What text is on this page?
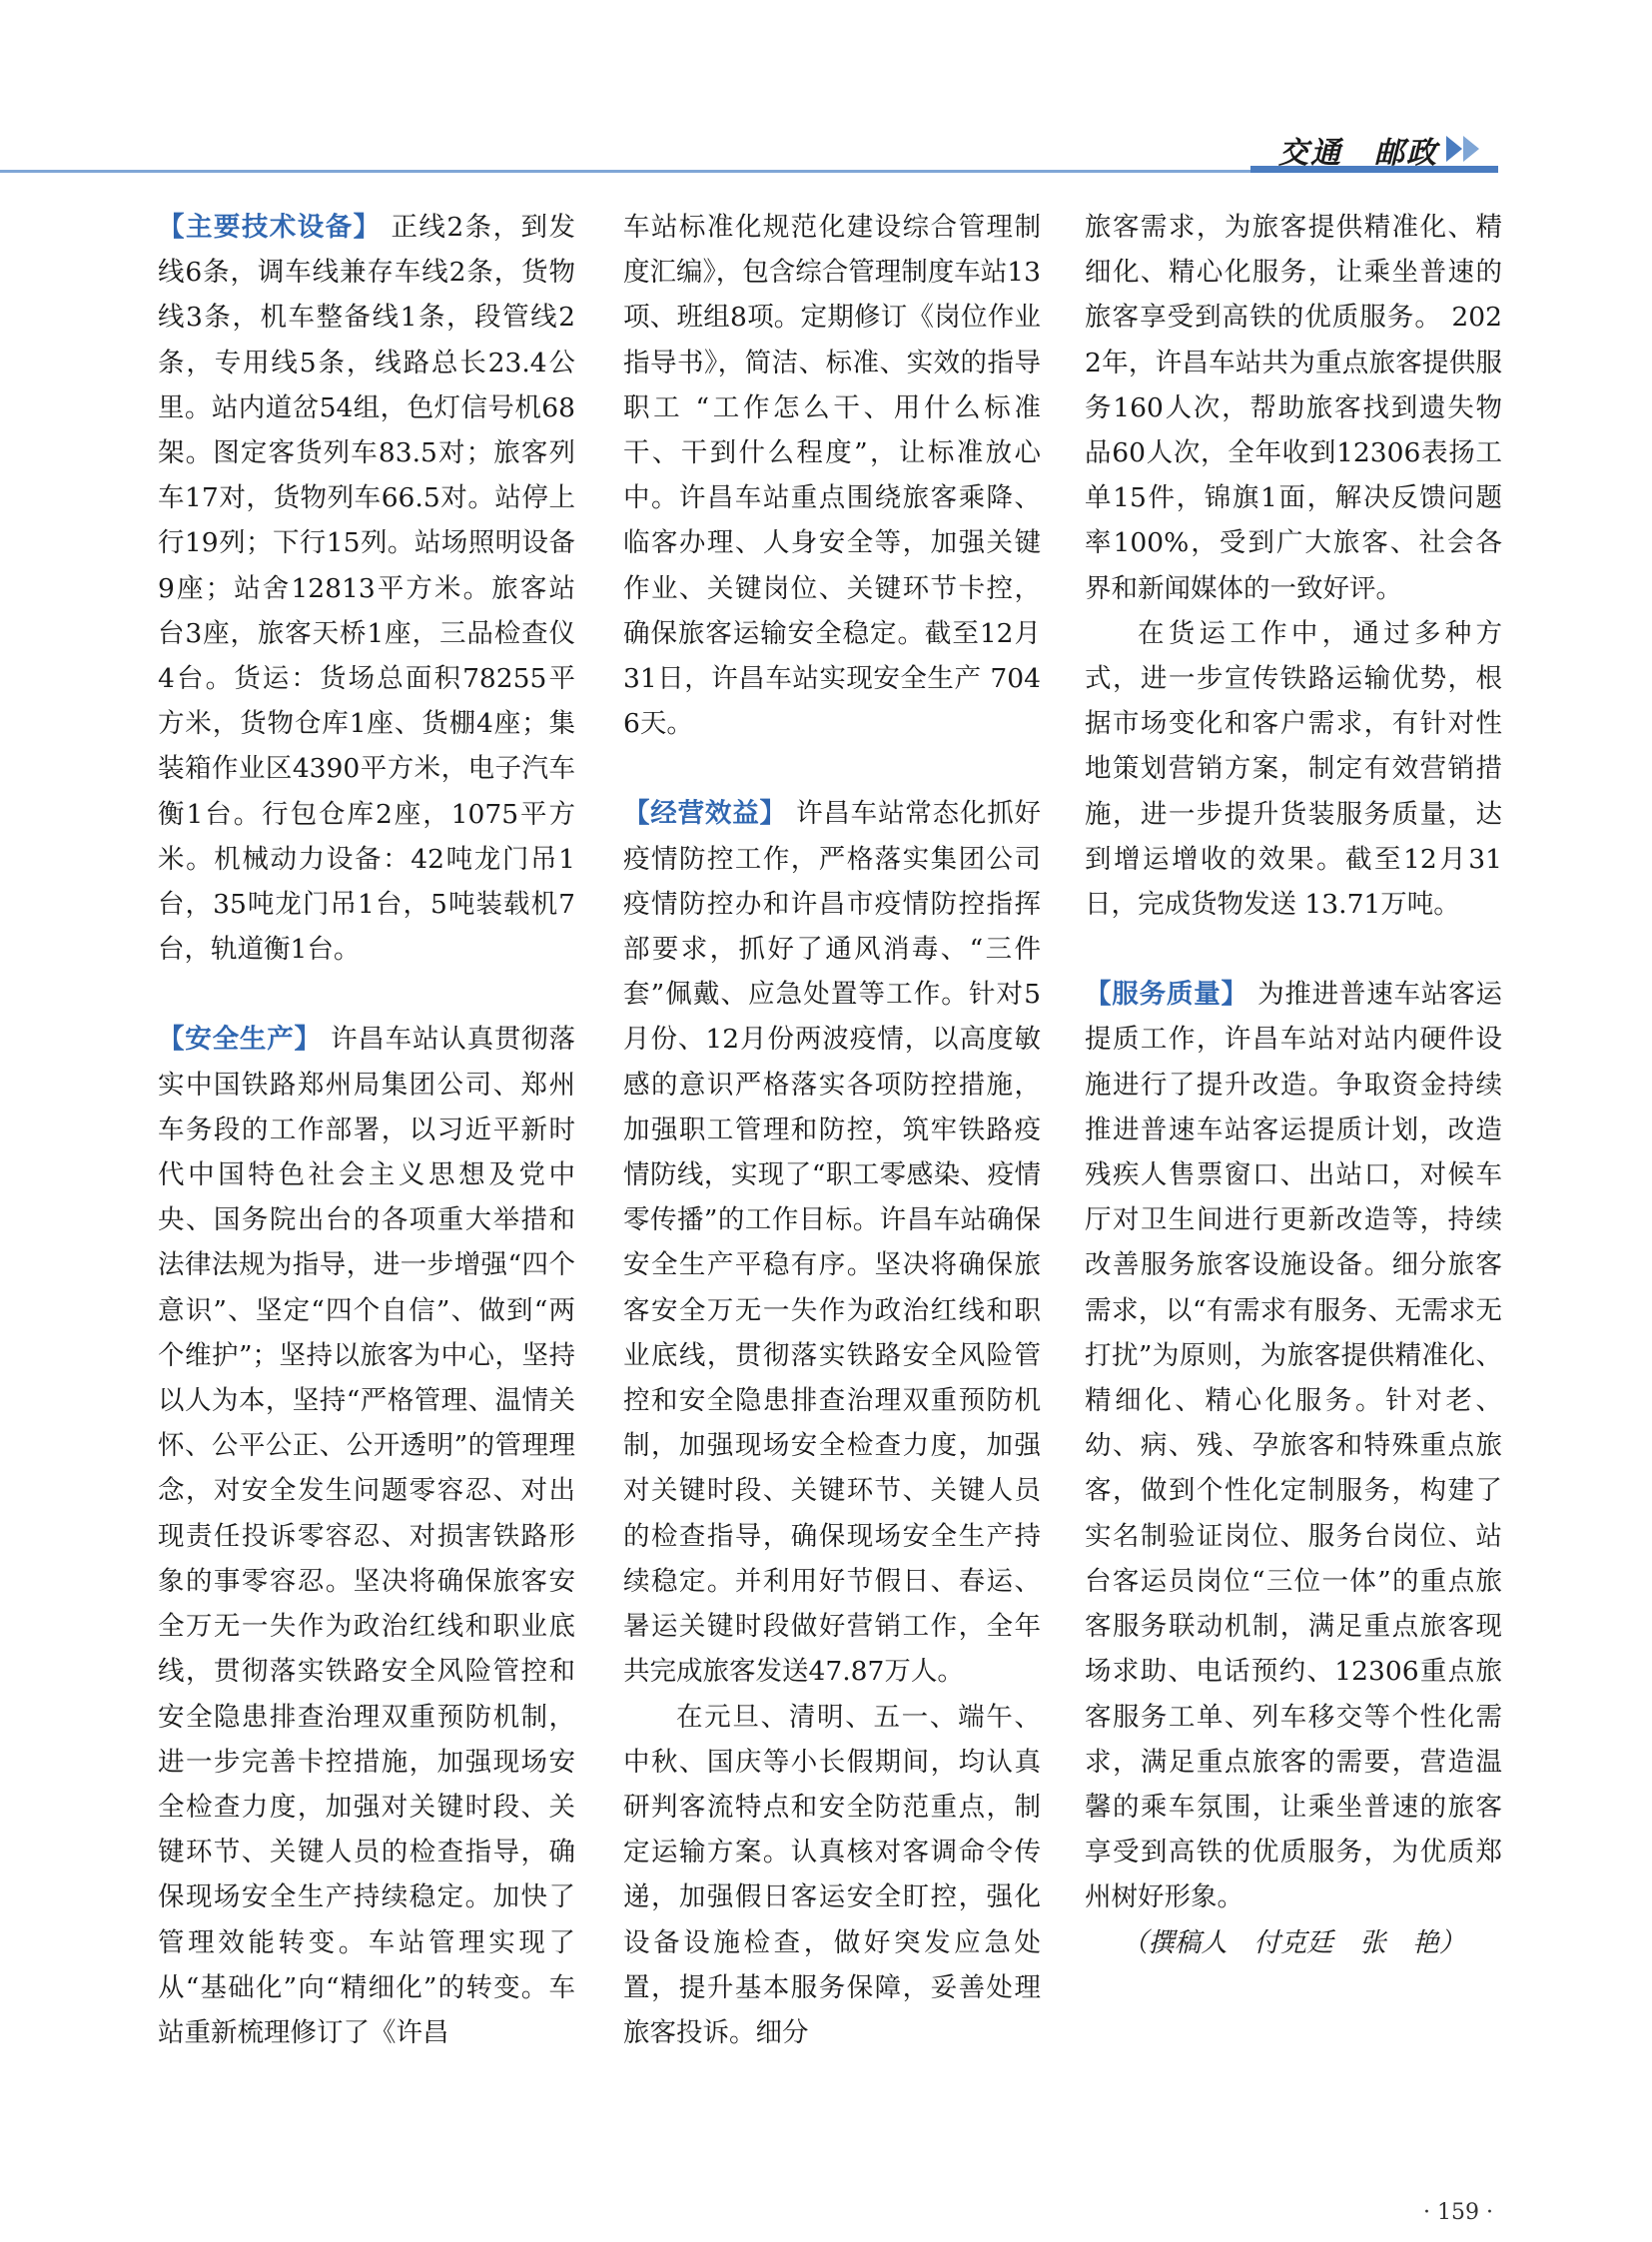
交通　邮政

【主要技术设备】 正线2条，到发线6条，调车线兼存车线2条，货物线3条，机车整备线1条，段管线2条，专用线5条，线路总长23.4公里。站内道岔54组，色灯信号机68架。图定客货列车83.5对；旅客列车17对，货物列车66.5对。站停上行19列；下行15列。站场照明设备9座；站舍12813平方米。旅客站台3座，旅客天桥1座，三品检查仪4台。货运：货场总面积78255平方米，货物仓库1座、货棚4座；集装箱作业区4390平方米，电子汽车衡1台。行包仓库2座，1075平方米。机械动力设备：42吨龙门吊1台，35吨龙门吊1台，5吨装载机7台，轨道衡1台。

【安全生产】 许昌车站认真贯彻落实中国铁路郑州局集团公司、郑州车务段的工作部署，以习近平新时代中国特色社会主义思想及党中央、国务院出台的各项重大举措和法律法规为指导，进一步增强“四个意识”、坚定“四个自信”、做到“两个维护”；坚持以旅客为中心，坚持以人为本，坚持“严格管理、温情关怀、公平公正、公开透明”的管理理念，对安全发生问题零容忍、对出现责任投诉零容忍、对损害铁路形象的事零容忍。坚决将确保旅客安全万无一失作为政治红线和职业底线，贯彻落实铁路安全风险管控和安全隐患排查治理双重预防机制，进一步完善卡控措施，加强现场安全检查力度，加强对关键时段、关键环节、关键人员的检查指导，确保现场安全生产持续稳定。加快了管理效能转变。车站管理实现了从“基础化”向“精细化”的转变。车站重新梳理修订了《许昌

车站标准化规范化建设综合管理制度汇编》，包含综合管理制度车站13项、班组8项。定期修订《岗位作业指导书》，简洁、标准、实效的指导职工 “工作怎么干、用什么标准干、干到什么程度”，让标准放心中。许昌车站重点围绕旅客乘降、临客办理、人身安全等，加强关键作业、关键岗位、关键环节卡控，确保旅客运输安全稳定。截至12月31日，许昌车站实现安全生产 7046天。

【经营效益】 许昌车站常态化抓好疫情防控工作，严格落实集团公司疫情防控办和许昌市疫情防控指挥部要求，抓好了通风消毒、“三件套”佩戴、应急处置等工作。针对5月份、12月份两波疫情，以高度敏感的意识严格落实各项防控措施，加强职工管理和防控，筑牢铁路疫情防线，实现了“职工零感染、疫情零传播”的工作目标。许昌车站确保安全生产平稳有序。坚决将确保旅客安全万无一失作为政治红线和职业底线，贯彻落实铁路安全风险管控和安全隐患排查治理双重预防机制，加强现场安全检查力度，加强对关键时段、关键环节、关键人员的检查指导，确保现场安全生产持续稳定。并利用好节假日、春运、暑运关键时段做好营销工作，全年共完成旅客发送47.87万人。

在元旦、清明、五一、端午、中秋、国庆等小长假期间，均认真研判客流特点和安全防范重点，制定运输方案。认真核对客调命令传递，加强假日客运安全盯控，强化设备设施检查，做好突发应急处置，提升基本服务保障，妥善处理旅客投诉。细分

旅客需求，为旅客提供精准化、精细化、精心化服务，让乘坐普速的旅客享受到高铁的优质服务。 2022年，许昌车站共为重点旅客提供服务160人次，帮助旅客找到遗失物品60人次，全年收到12306表扬工单15件，锦旗1面，解决反馈问题率100%，受到广大旅客、社会各界和新闻媒体的一致好评。

在货运工作中，通过多种方式，进一步宣传铁路运输优势，根据市场变化和客户需求，有针对性地策划营销方案，制定有效营销措施，进一步提升货装服务质量，达到增运增收的效果。截至12月31日，完成货物发送 13.71万吨。

【服务质量】 为推进普速车站客运提质工作，许昌车站对站内硬件设施进行了提升改造。争取资金持续推进普速车站客运提质计划，改造残疾人售票窗口、出站口，对候车厅对卫生间进行更新改造等，持续改善服务旅客设施设备。细分旅客需求，以“有需求有服务、无需求无打扰”为原则，为旅客提供精准化、精细化、精心化服务。针对老、幼、病、残、孕旅客和特殊重点旅客，做到个性化定制服务，构建了实名制验证岗位、服务台岗位、站台客运员岗位“三位一体”的重点旅客服务联动机制，满足重点旅客现场求助、电话预约、12306重点旅客服务工单、列车移交等个性化需求，满足重点旅客的需要，营造温馨的乘车氛围，让乘坐普速的旅客享受到高铁的优质服务，为优质郑州树好形象。

（撰稿人　付克廷　张　艳）

· 159 ·
